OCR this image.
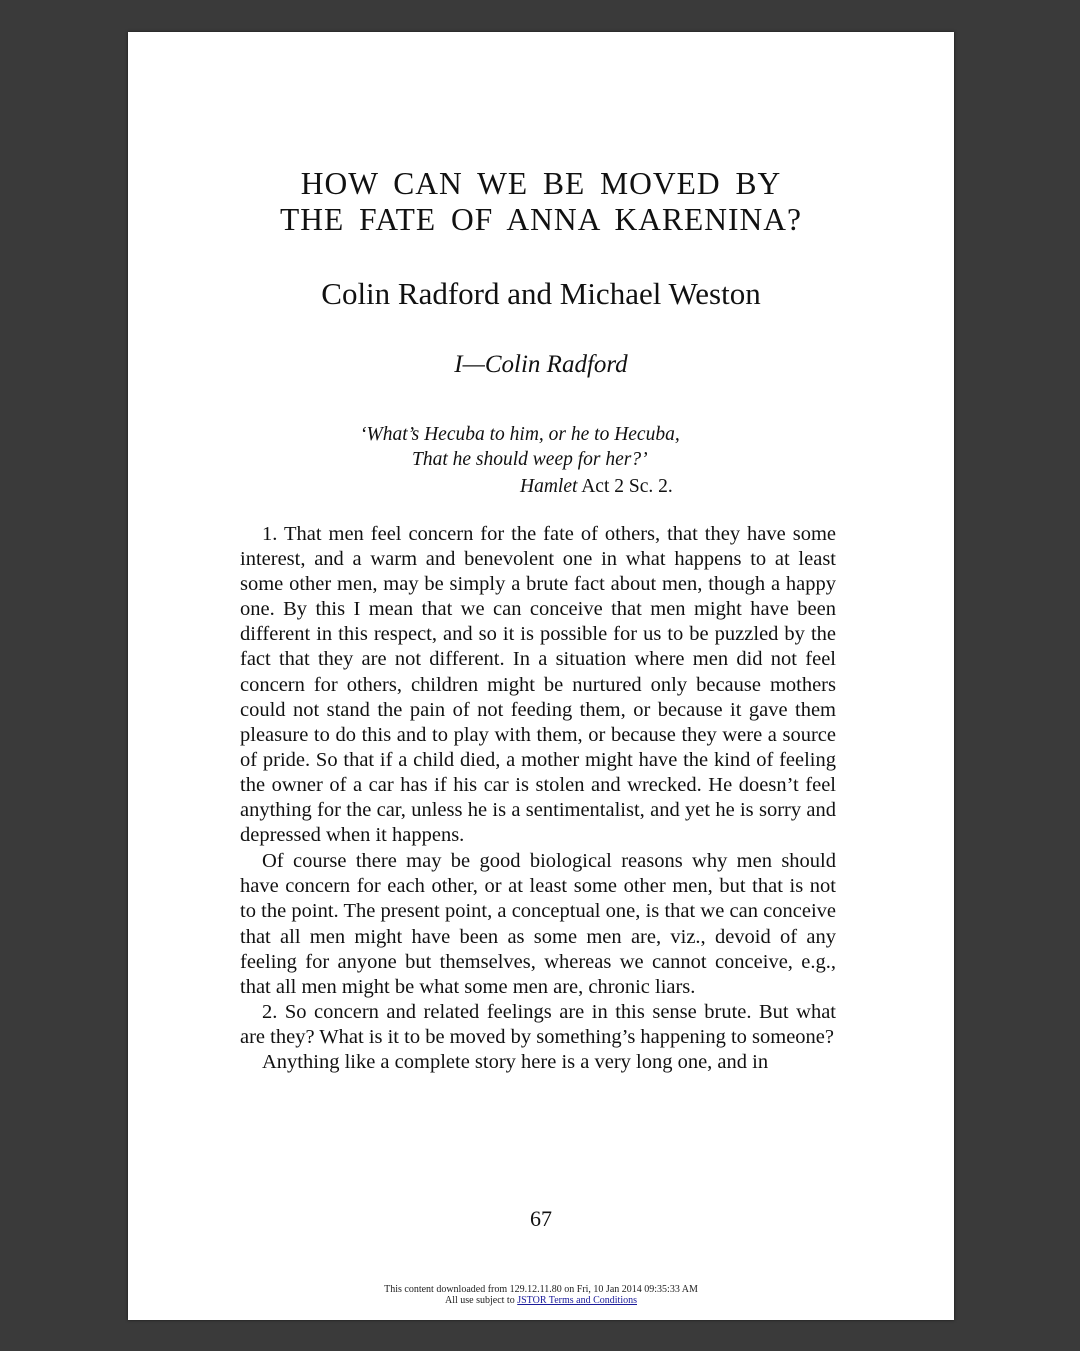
HOW CAN WE BE MOVED BY
THE FATE OF ANNA KARENINA?
Colin Radford and Michael Weston
I—Colin Radford
‘What’s Hecuba to him, or he to Hecuba,
That he should weep for her?’
Hamlet Act 2 Sc. 2.

1. That men feel concern for the fate of others, that they have some interest, and a warm and benevolent one in what happens to at least some other men, may be simply a brute fact about men, though a happy one. By this I mean that we can conceive that men might have been different in this respect, and so it is possible for us to be puzzled by the fact that they are not different. In a situation where men did not feel concern for others, children might be nurtured only because mothers could not stand the pain of not feeding them, or because it gave them pleasure to do this and to play with them, or because they were a source of pride. So that if a child died, a mother might have the kind of feeling the owner of a car has if his car is stolen and wrecked. He doesn’t feel anything for the car, unless he is a sentimentalist, and yet he is sorry and depressed when it happens.

Of course there may be good biological reasons why men should have concern for each other, or at least some other men, but that is not to the point. The present point, a conceptual one, is that we can conceive that all men might have been as some men are, viz., devoid of any feeling for anyone but themselves, whereas we cannot conceive, e.g., that all men might be what some men are, chronic liars.

2. So concern and related feelings are in this sense brute. But what are they? What is it to be moved by something’s happening to someone?

Anything like a complete story here is a very long one, and in

67
This content downloaded from 129.12.11.80 on Fri, 10 Jan 2014 09:35:33 AM
All use subject to JSTOR Terms and Conditions
